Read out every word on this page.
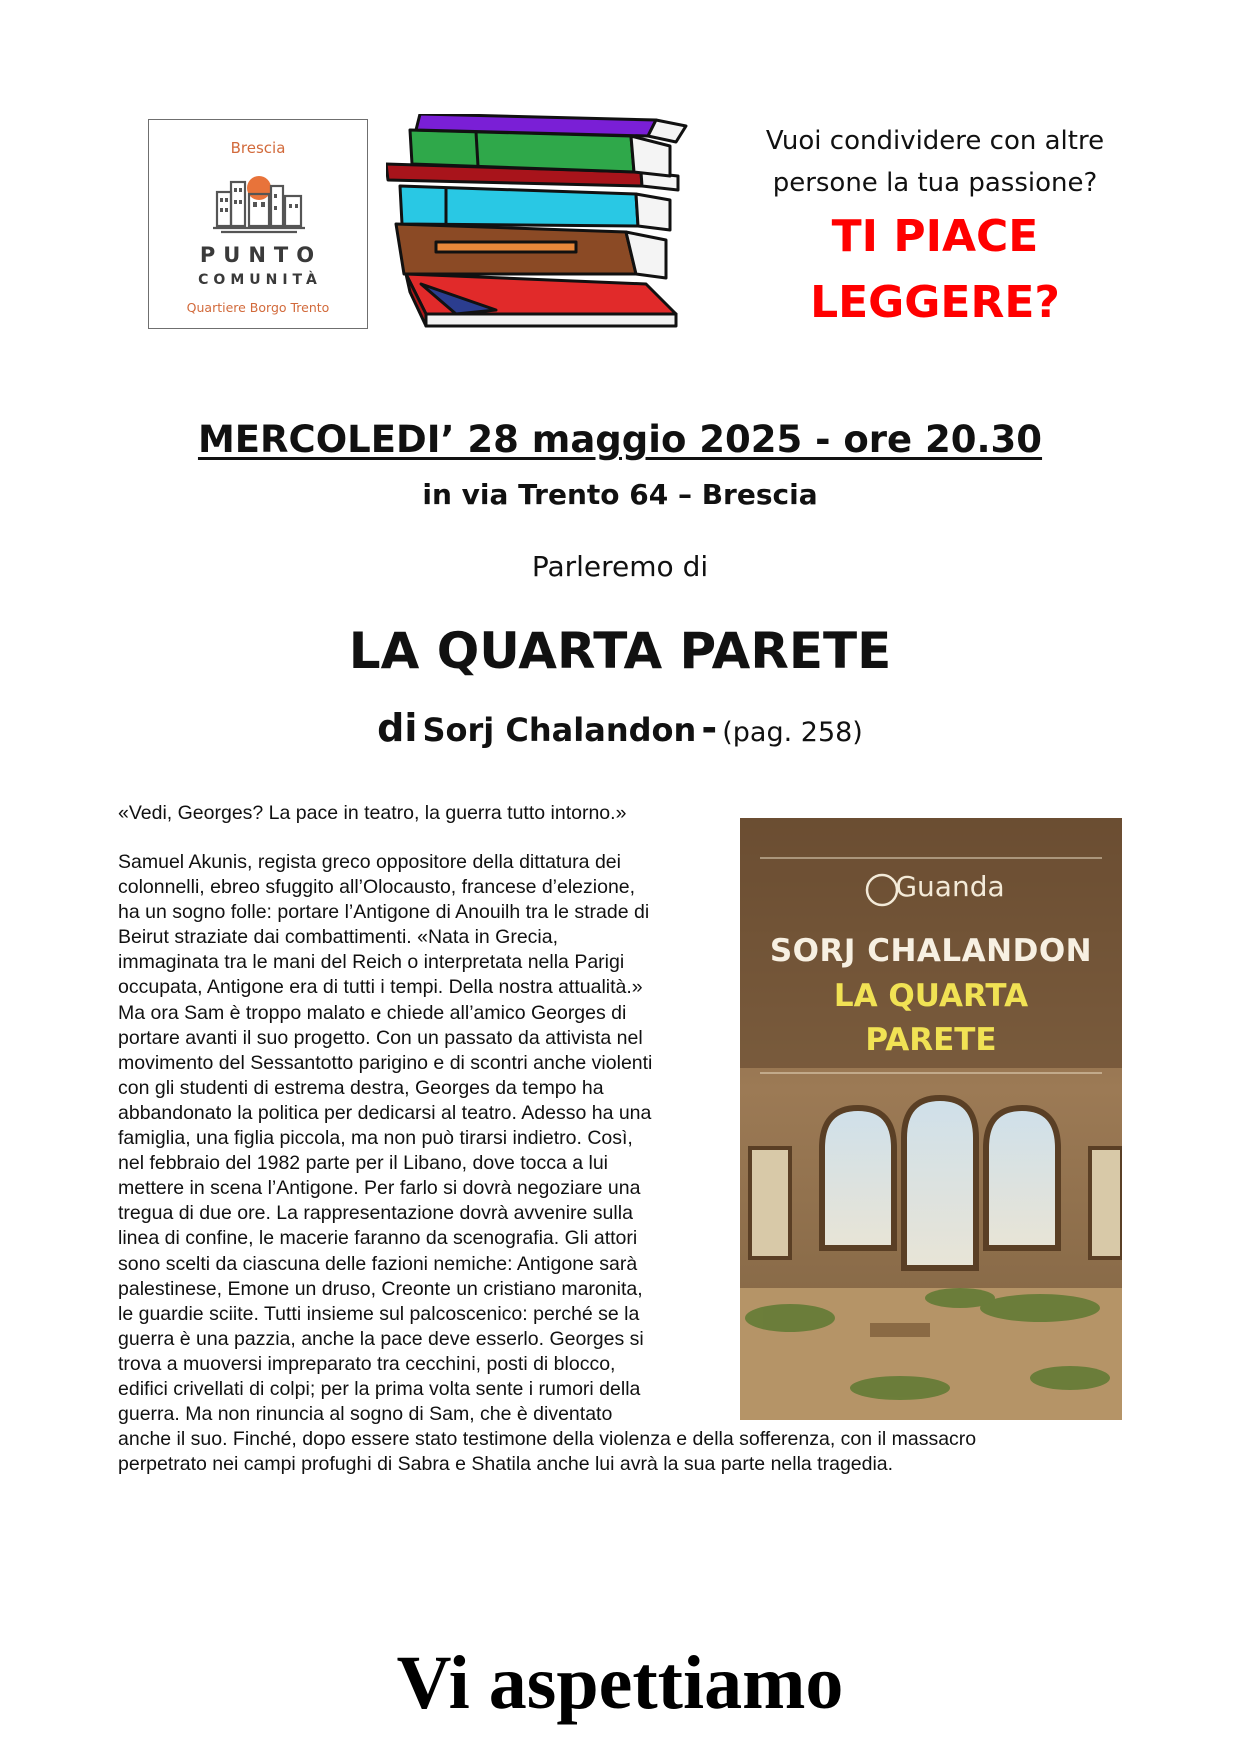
Brescia
PUNTO
COMUNITÀ
Quartiere Borgo Trento
Vuoi condividere con altre
persone la tua passione?
TI PIACE
LEGGERE?
MERCOLEDI’ 28 maggio 2025 - ore 20.30
in via Trento 64 – Brescia
Parleremo di
LA QUARTA PARETE
di Sorj Chalandon - (pag. 258)
«Vedi, Georges? La pace in teatro, la guerra tutto intorno.»
Samuel Akunis, regista greco oppositore della dittatura dei
colonnelli, ebreo sfuggito all’Olocausto, francese d’elezione,
ha un sogno folle: portare l’Antigone di Anouilh tra le strade di
Beirut straziate dai combattimenti. «Nata in Grecia,
immaginata tra le mani del Reich o interpretata nella Parigi
occupata, Antigone era di tutti i tempi. Della nostra attualità.»
Ma ora Sam è troppo malato e chiede all’amico Georges di
portare avanti il suo progetto. Con un passato da attivista nel
movimento del Sessantotto parigino e di scontri anche violenti
con gli studenti di estrema destra, Georges da tempo ha
abbandonato la politica per dedicarsi al teatro. Adesso ha una
famiglia, una figlia piccola, ma non può tirarsi indietro. Così,
nel febbraio del 1982 parte per il Libano, dove tocca a lui
mettere in scena l’Antigone. Per farlo si dovrà negoziare una
tregua di due ore. La rappresentazione dovrà avvenire sulla
linea di confine, le macerie faranno da scenografia. Gli attori
sono scelti da ciascuna delle fazioni nemiche: Antigone sarà
palestinese, Emone un druso, Creonte un cristiano maronita,
le guardie sciite. Tutti insieme sul palcoscenico: perché se la
guerra è una pazzia, anche la pace deve esserlo. Georges si
trova a muoversi impreparato tra cecchini, posti di blocco,
edifici crivellati di colpi; per la prima volta sente i rumori della
guerra. Ma non rinuncia al sogno di Sam, che è diventato
anche il suo. Finché, dopo essere stato testimone della violenza e della sofferenza, con il massacro
perpetrato nei campi profughi di Sabra e Shatila anche lui avrà la sua parte nella tragedia.
Guanda
SORJ CHALANDON
LA QUARTA
PARETE
Vi aspettiamo
